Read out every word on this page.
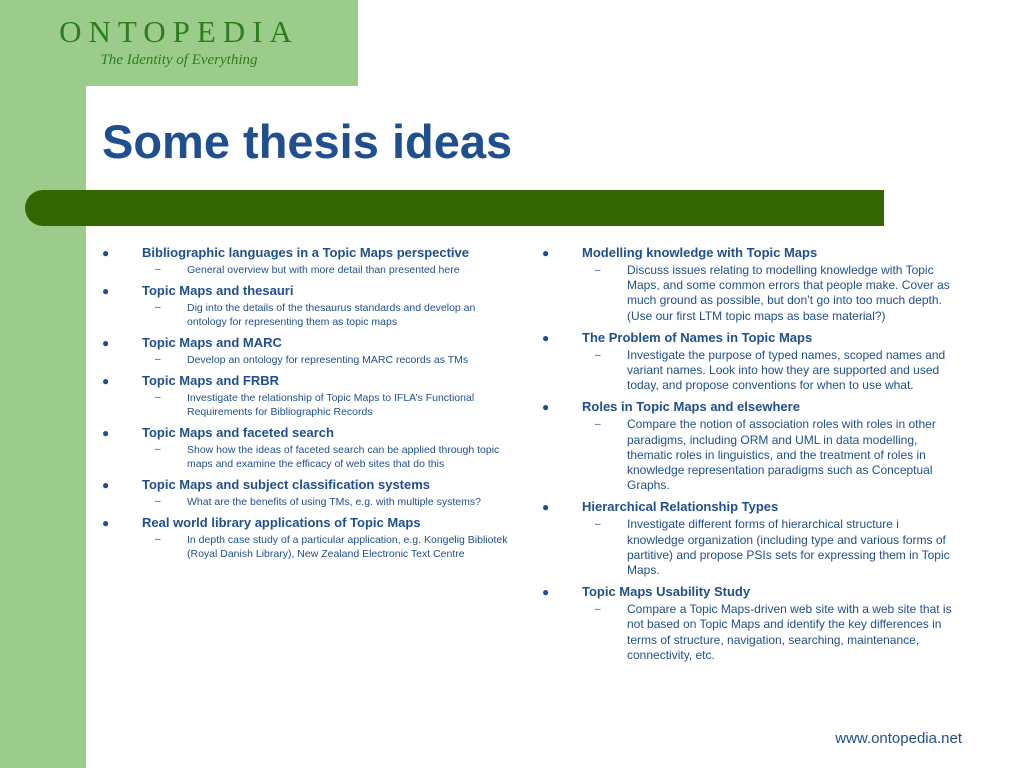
ONTOPEDIA
The Identity of Everything
Some thesis ideas
●	Bibliographic languages in a Topic Maps perspective
–	General overview but with more detail than presented here
●	Topic Maps and thesauri
–	Dig into the details of the thesaurus standards and develop an ontology for representing them as topic maps
●	Topic Maps and MARC
–	Develop an ontology for representing MARC records as TMs
●	Topic Maps and FRBR
–	Investigate the relationship of Topic Maps to IFLA’s Functional Requirements for Bibliographic Records
●	Topic Maps and faceted search
–	Show how the ideas of faceted search can be applied through topic maps and examine the efficacy of web sites that do this
●	Topic Maps and subject classification systems
–	What are the benefits of using TMs, e.g. with multiple systems?
●	Real world library applications of Topic Maps
–	In depth case study of a particular application, e.g. Kongelig Bibliotek (Royal Danish Library), New Zealand Electronic Text Centre
●	Modelling knowledge with Topic Maps
– Discuss issues relating to modelling knowledge with Topic Maps, and some common errors that people make. Cover as much ground as possible, but don’t go into too much depth. (Use our first LTM topic maps as base material?)
●	The Problem of Names in Topic Maps
– Investigate the purpose of typed names, scoped names and variant names. Look into how they are supported and used today, and propose conventions for when to use what.
●	Roles in Topic Maps and elsewhere
– Compare the notion of association roles with roles in other paradigms, including ORM and UML in data modelling, thematic roles in linguistics, and the treatment of roles in knowledge representation paradigms such as Conceptual Graphs.
●	Hierarchical Relationship Types
– Investigate different forms of hierarchical structure i knowledge organization (including type and various forms of partitive) and propose PSIs sets for expressing them in Topic Maps.
●	Topic Maps Usability Study
– Compare a Topic Maps-driven web site with a web site that is not based on Topic Maps and identify the key differences in terms of structure, navigation, searching, maintenance, connectivity, etc.
www.ontopedia.net
